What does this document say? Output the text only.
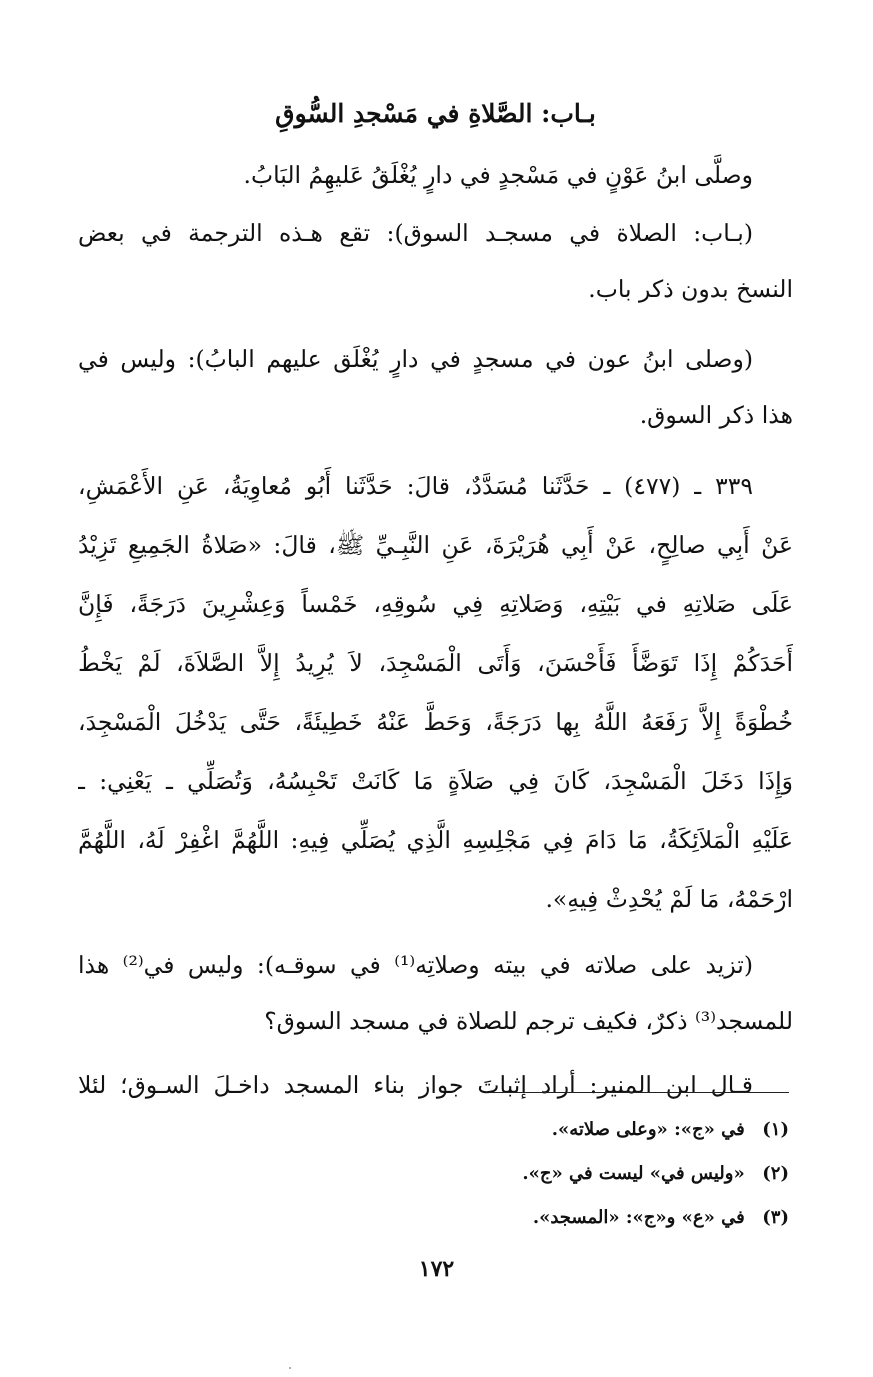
بـاب: الصَّلاةِ في مَسْجدِ السُّوقِ
وصلَّى ابنُ عَوْنٍ في مَسْجدٍ في دارٍ يُغْلَقُ عَليهِمُ البَابُ.
(بـاب: الصلاة في مسجـد السوق): تقع هـذه الترجمة في بعض
النسخ بدون ذكر باب.
(وصلى ابنُ عون في مسجدٍ في دارٍ يُغْلَق عليهم البابُ): وليس في
هذا ذكر السوق.
٣٣٩ ـ (٤٧٧) ـ حَدَّثَنا مُسَدَّدٌ، قالَ: حَدَّثَنا أَبُو مُعاوِيَةُ، عَنِ الأَعْمَشِ،
عَنْ أَبِي صالِحٍ، عَنْ أَبِي هُرَيْرَةَ، عَنِ النَّبِـيِّ ﷺ، قالَ: «صَلاةُ الجَمِيعِ تَزِيْدُ
عَلَى صَلاتِهِ في بَيْتِهِ، وَصَلاتِهِ فِي سُوقِهِ، خَمْساً وَعِشْرِينَ دَرَجَةً، فَإِنَّ
أَحَدَكُمْ إِذَا تَوَضَّأَ فَأَحْسَنَ، وَأَتَى الْمَسْجِدَ، لاَ يُرِيدُ إِلاَّ الصَّلاَةَ، لَمْ يَخْطُ
خُطْوَةً إِلاَّ رَفَعَهُ اللَّهُ بِها دَرَجَةً، وَحَطَّ عَنْهُ خَطِيئَةً، حَتَّى يَدْخُلَ الْمَسْجِدَ،
وَإِذَا دَخَلَ الْمَسْجِدَ، كَانَ فِي صَلاَةٍ مَا كَانَتْ تَحْبِسُهُ، وَتُصَلِّي ـ يَعْنِي: ـ
عَلَيْهِ الْمَلاَئِكَةُ، مَا دَامَ فِي مَجْلِسِهِ الَّذِي يُصَلِّي فِيهِ: اللَّهُمَّ اغْفِرْ لَهُ، اللَّهُمَّ
ارْحَمْهُ، مَا لَمْ يُحْدِثْ فِيهِ».
(تزيد على صلاته في بيته وصلاتِه⁽¹⁾ في سوقـه): وليس في⁽²⁾ هذا
للمسجد⁽³⁾ ذكرٌ، فكيف ترجم للصلاة في مسجد السوق؟
قـال ابن المنير: أراد إثباتَ جواز بناء المسجد داخـلَ السـوق؛ لئلا
(١) في «ج»: «وعلى صلاته».
(٢) «وليس في» ليست في «ج».
(٣) في «ع» و«ج»: «المسجد».
١٧٢
